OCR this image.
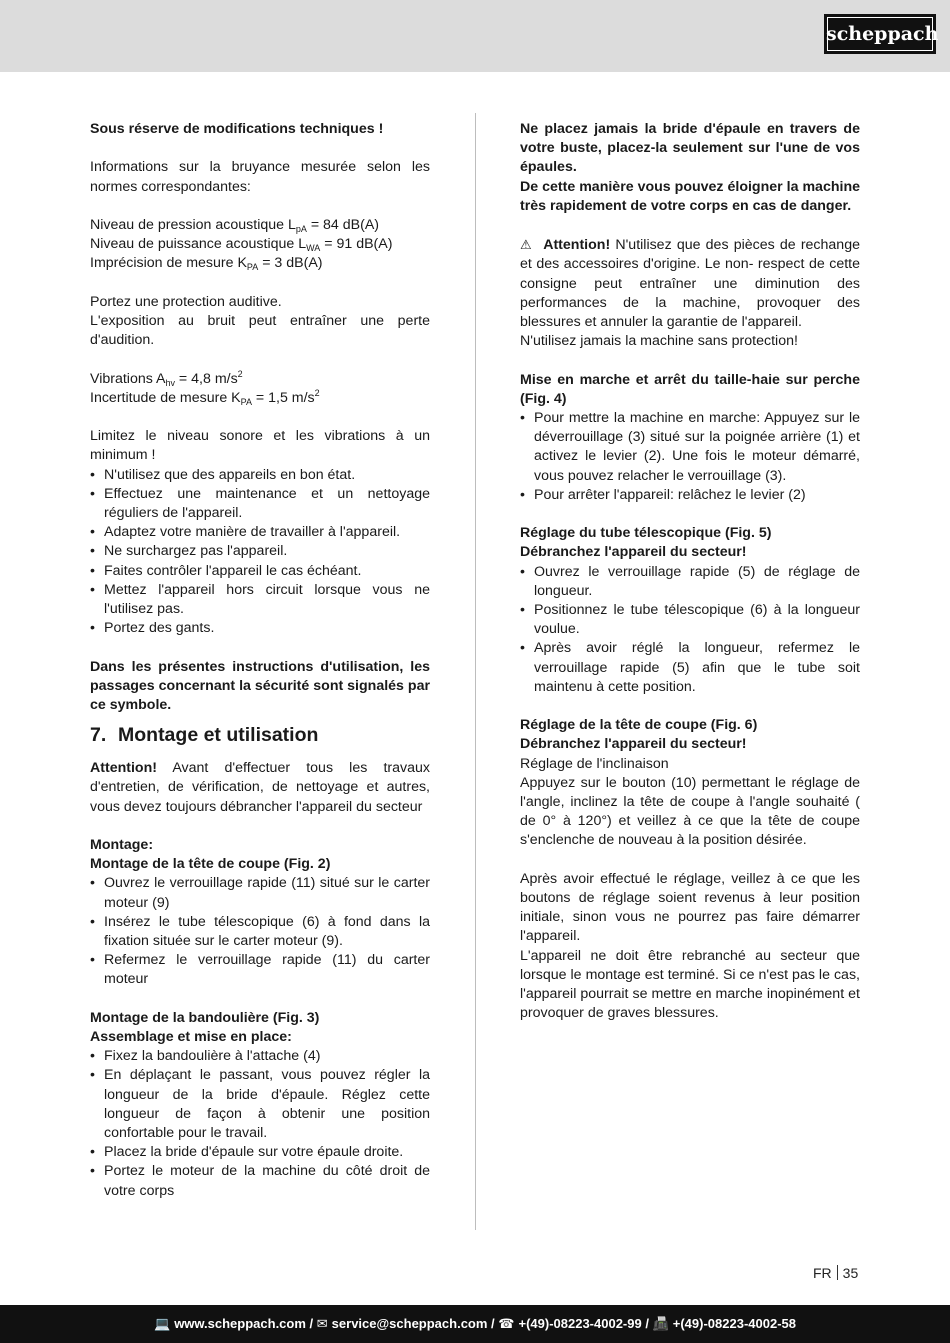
scheppach

Sous réserve de modifications techniques !

Informations sur la bruyance mesurée selon les normes correspondantes:

Niveau de pression acoustique $L_{pA} = 84$ dB(A)

Niveau de puissance acoustique $L_{WA} = 91$ dB(A)

Imprécision de mesure $K_{PA} = 3$ dB(A)

Portez une protection auditive.

L'exposition au bruit peut entraîner une perte d'audition.

Vibrations $A_{hv} = 4,8$ $m/s^2$

Incertitude de mesure $K_{PA} = 1,5$ $m/s^2$

Limitez le niveau sonore et les vibrations à un minimum !

• N'utilisez que des appareils en bon état.
• Effectuez une maintenance et un nettoyage réguliers de l'appareil.
• Adaptez votre manière de travailler à l'appareil.
• Ne surchargez pas l'appareil.
• Faites contrôler l'appareil le cas échéant.
• Mettez l'appareil hors circuit lorsque vous ne l'utilisez pas.
• Portez des gants.

Dans les présentes instructions d'utilisation, les passages concernant la sécurité sont signalés par ce symbole.

7. Montage et utilisation

Attention! Avant d'effectuer tous les travaux d'entretien, de vérification, de nettoyage et autres, vous devez toujours débrancher l'appareil du secteur

Montage:

Montage de la tête de coupe (Fig. 2)

• Ouvrez le verrouillage rapide (11) situé sur le carter moteur (9)
• Insérez le tube télescopique (6) à fond dans la fixation située sur le carter moteur (9).
• Refermez le verrouillage rapide (11) du carter moteur

Montage de la bandoulière (Fig. 3)

Assemblage et mise en place:

• Fixez la bandoulière à l'attache (4)
• En déplaçant le passant, vous pouvez régler la longueur de la bride d'épaule. Réglez cette longueur de façon à obtenir une position confortable pour le travail.
• Placez la bride d'épaule sur votre épaule droite.
• Portez le moteur de la machine du côté droit de votre corps

Ne placez jamais la bride d'épaule en travers de votre buste, placez-la seulement sur l'une de vos épaules.

De cette manière vous pouvez éloigner la machine très rapidement de votre corps en cas de danger.

⚠ Attention! N'utilisez que des pièces de rechange et des accessoires d'origine. Le non- respect de cette consigne peut entraîner une diminution des performances de la machine, provoquer des blessures et annuler la garantie de l'appareil.

N'utilisez jamais la machine sans protection!

Mise en marche et arrêt du taille-haie sur perche (Fig. 4)

• Pour mettre la machine en marche: Appuyez sur le déverrouillage (3) situé sur la poignée arrière (1) et activez le levier (2). Une fois le moteur démarré, vous pouvez relacher le verrouillage (3).
• Pour arrêter l'appareil: relâchez le levier (2)

Réglage du tube télescopique (Fig. 5)

Débranchez l'appareil du secteur!

• Ouvrez le verrouillage rapide (5) de réglage de longueur.
• Positionnez le tube télescopique (6) à la longueur voulue.
• Après avoir réglé la longueur, refermez le verrouillage rapide (5) afin que le tube soit maintenu à cette position.

Réglage de la tête de coupe (Fig. 6)

Débranchez l'appareil du secteur!

Réglage de l'inclinaison

Appuyez sur le bouton (10) permettant le réglage de l'angle, inclinez la tête de coupe à l'angle souhaité ( de 0° à 120°) et veillez à ce que la tête de coupe s'enclenche de nouveau à la position désirée.

Après avoir effectué le réglage, veillez à ce que les boutons de réglage soient revenus à leur position initiale, sinon vous ne pourrez pas faire démarrer l'appareil.

L'appareil ne doit être rebranché au secteur que lorsque le montage est terminé. Si ce n'est pas le cas, l'appareil pourrait se mettre en marche inopinément et provoquer de graves blessures.

FR 35
💻 www.scheppach.com / ✉ service@scheppach.com / ☎ +(49)-08223-4002-99 / 📠 +(49)-08223-4002-58
